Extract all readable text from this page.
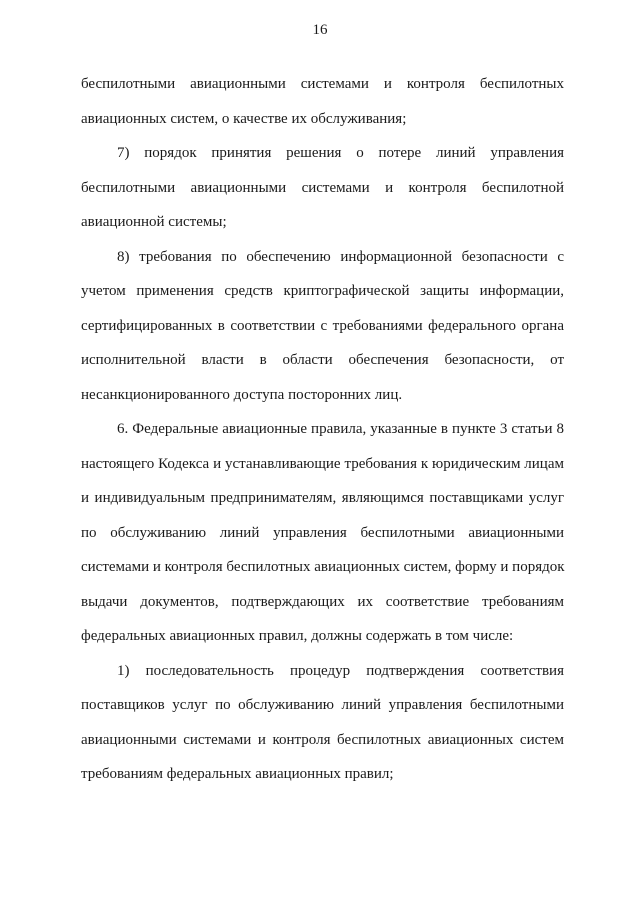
16

беспилотными авиационными системами и контроля беспилотных
авиационных систем, о качестве их обслуживания;

7) порядок принятия решения о потере линий управления
беспилотными авиационными системами и контроля беспилотной
авиационной системы;

8) требования по обеспечению информационной безопасности с
учетом применения средств криптографической защиты информации,
сертифицированных в соответствии с требованиями федерального органа
исполнительной власти в области обеспечения безопасности, от
несанкционированного доступа посторонних лиц.

6. Федеральные авиационные правила, указанные в пункте 3 статьи 8
настоящего Кодекса и устанавливающие требования к юридическим лицам
и индивидуальным предпринимателям, являющимся поставщиками услуг
по обслуживанию линий управления беспилотными авиационными
системами и контроля беспилотных авиационных систем, форму и порядок
выдачи документов, подтверждающих их соответствие требованиям
федеральных авиационных правил, должны содержать в том числе:

1) последовательность процедур подтверждения соответствия
поставщиков услуг по обслуживанию линий управления беспилотными
авиационными системами и контроля беспилотных авиационных систем
требованиям федеральных авиационных правил;
